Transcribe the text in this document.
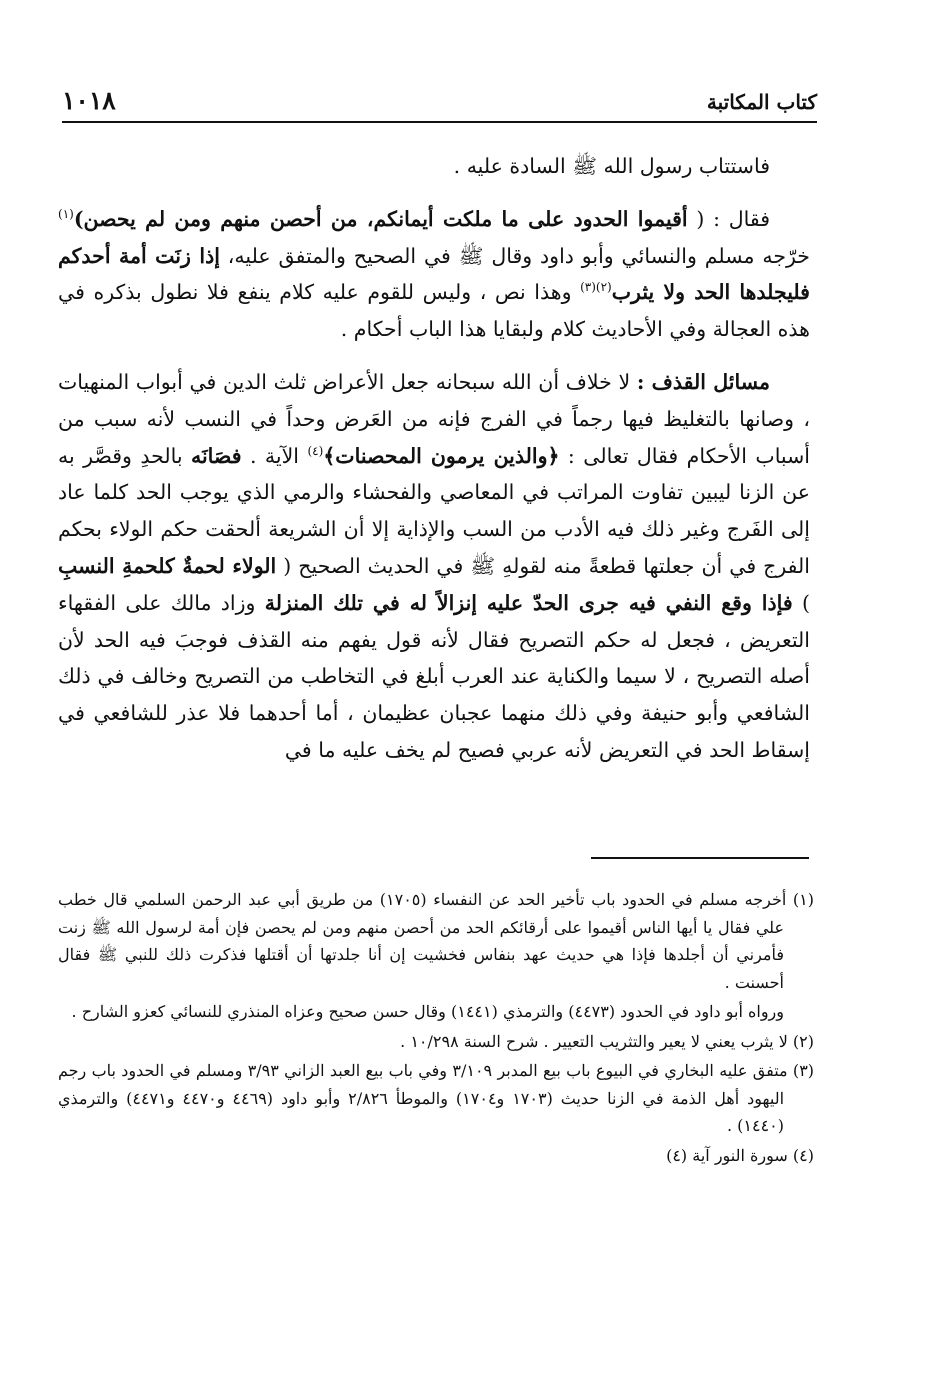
كتاب المكاتبة
١٠١٨

فاستتاب رسول الله ﷺ السادة عليه .

فقال : ( أقيموا الحدود على ما ملكت أيمانكم، من أحصن منهم ومن لم يحصن)$^{(١)}$ خرّجه مسلم والنسائي وأبو داود وقال ﷺ في الصحيح والمتفق عليه، إذا زنَت أمة أحدكم فليجلدها الحد ولا يثرب$^{(٢)(٣)}$ وهذا نص ، وليس للقوم عليه كلام ينفع فلا نطول بذكره في هذه العجالة وفي الأحاديث كلام ولبقايا هذا الباب أحكام .

مسائل القذف : لا خلاف أن الله سبحانه جعل الأعراض ثلث الدين في أبواب المنهيات ، وصانها بالتغليظ فيها رجماً في الفرج فإنه من العَرض وحداً في النسب لأنه سبب من أسباب الأحكام فقال تعالى : ﴿والذين يرمون المحصنات﴾$^{(٤)}$ الآية . فصَانَه بالحدِ وقصَّر به عن الزنا ليبين تفاوت المراتب في المعاصي والفحشاء والرمي الذي يوجب الحد كلما عاد إلى الفَرج وغير ذلك فيه الأدب من السب والإذاية إلا أن الشريعة ألحقت حكم الولاء بحكم الفرج في أن جعلتها قطعةً منه لقولهِ ﷺ في الحديث الصحيح ( الولاء لحمةٌ كلحمةِ النسبِ ) فإذا وقع النفي فيه جرى الحدّ عليه إنزالاً له في تلك المنزلة وزاد مالك على الفقهاء التعريض ، فجعل له حكم التصريح فقال لأنه قول يفهم منه القذف فوجبَ فيه الحد لأن أصله التصريح ، لا سيما والكناية عند العرب أبلغ في التخاطب من التصريح وخالف في ذلك الشافعي وأبو حنيفة وفي ذلك منهما عجبان عظيمان ، أما أحدهما فلا عذر للشافعي في إسقاط الحد في التعريض لأنه عربي فصيح لم يخف عليه ما في

(١) أخرجه مسلم في الحدود باب تأخير الحد عن النفساء (١٧٠٥) من طريق أبي عبد الرحمن السلمي قال خطب علي فقال يا أيها الناس أقيموا على أرقائكم الحد من أحصن منهم ومن لم يحصن فإن أمة لرسول الله ﷺ زنت فأمرني أن أجلدها فإذا هي حديث عهد بنفاس فخشيت إن أنا جلدتها أن أقتلها فذكرت ذلك للنبي ﷺ فقال أحسنت .

ورواه أبو داود في الحدود (٤٤٧٣) والترمذي (١٤٤١) وقال حسن صحيح وعزاه المنذري للنسائي كعزو الشارح .

(٢) لا يثرب يعني لا يعير والتثريب التعيير . شرح السنة ١٠/٢٩٨ .

(٣) متفق عليه البخاري في البيوع باب بيع المدبر ٣/١٠٩ وفي باب بيع العبد الزاني ٣/٩٣ ومسلم في الحدود باب رجم اليهود أهل الذمة في الزنا حديث (١٧٠٣ و١٧٠٤) والموطأ ٢/٨٢٦ وأبو داود (٤٤٦٩ و٤٤٧٠ و٤٤٧١) والترمذي (١٤٤٠) .

(٤) سورة النور آية (٤)
